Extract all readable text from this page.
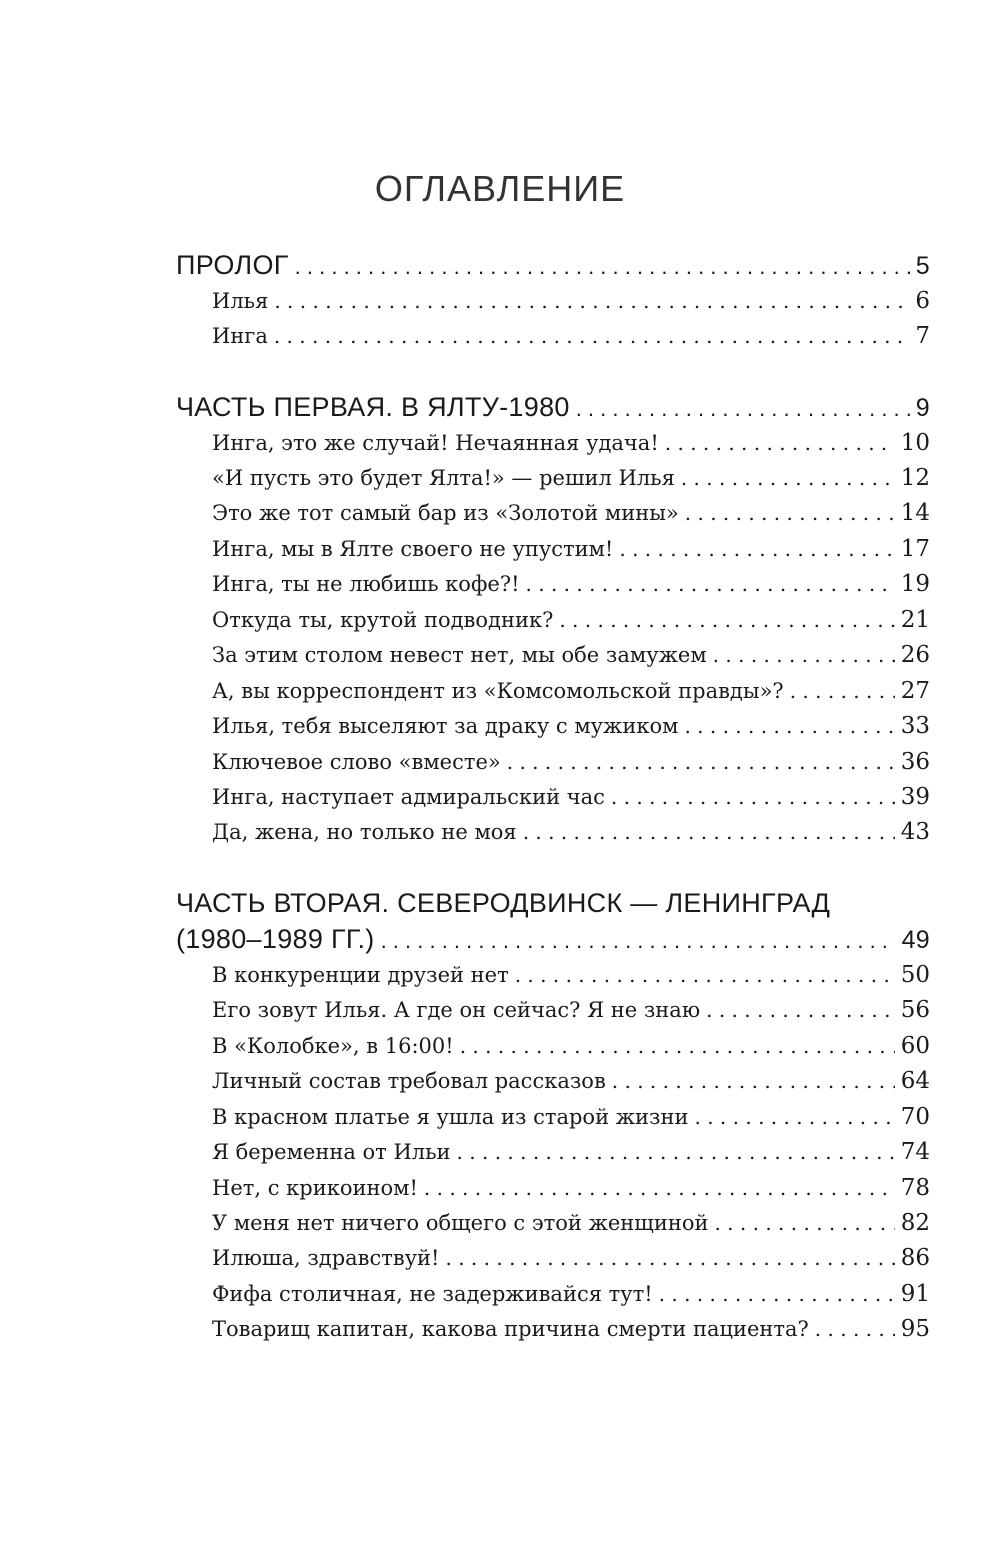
ОГЛАВЛЕНИЕ
ПРОЛОГ . . .	5
Илья . . .	6
Инга . . .	7
ЧАСТЬ ПЕРВАЯ. В ЯЛТУ-1980 . . .	9
Инга, это же случай! Нечаянная удача! . . .	10
«И пусть это будет Ялта!» — решил Илья . . .	12
Это же тот самый бар из «Золотой мины» . . .	14
Инга, мы в Ялте своего не упустим! . . .	17
Инга, ты не любишь кофе?! . . .	19
Откуда ты, крутой подводник? . . .	21
За этим столом невест нет, мы обе замужем . . .	26
А, вы корреспондент из «Комсомольской правды»? . . .	27
Илья, тебя выселяют за драку с мужиком . . .	33
Ключевое слово «вместе» . . .	36
Инга, наступает адмиральский час . . .	39
Да, жена, но только не моя . . .	43
ЧАСТЬ ВТОРАЯ. СЕВЕРОДВИНСК — ЛЕНИНГРАД
(1980–1989 ГГ.) . . .	49
В конкуренции друзей нет . . .	50
Его зовут Илья. А где он сейчас? Я не знаю . . .	56
В «Колобке», в 16:00! . . .	60
Личный состав требовал рассказов . . .	64
В красном платье я ушла из старой жизни . . .	70
Я беременна от Ильи . . .	74
Нет, с крикоином! . . .	78
У меня нет ничего общего с этой женщиной . . .	82
Илюша, здравствуй! . . .	86
Фифа столичная, не задерживайся тут! . . .	91
Товарищ капитан, какова причина смерти пациента? . . .	95
